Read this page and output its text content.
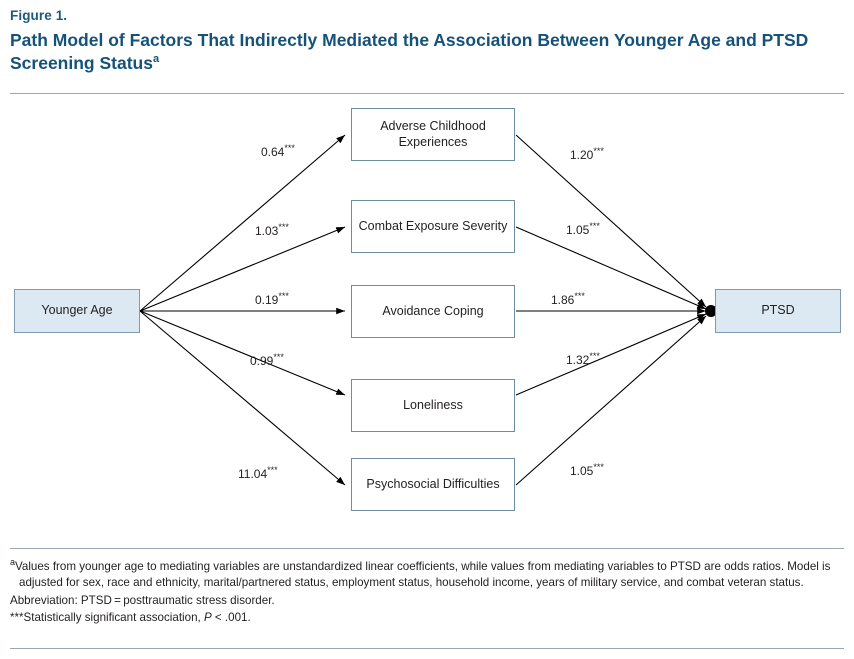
Figure 1.
Path Model of Factors That Indirectly Mediated the Association Between Younger Age and PTSD Screening Status$^a$
Younger Age
Adverse Childhood Experiences
Combat Exposure Severity
Avoidance Coping
Loneliness
Psychosocial Difficulties
PTSD
0.64***
1.03***
0.19***
0.99***
11.04***
1.20***
1.05***
1.86***
1.32***
1.05***

$^a$Values from younger age to mediating variables are unstandardized linear coefficients, while values from mediating variables to PTSD are odds ratios. Model is adjusted for sex, race and ethnicity, marital/partnered status, employment status, household income, years of military service, and combat veteran status.

Abbreviation: PTSD = posttraumatic stress disorder.

***Statistically significant association, P < .001.
